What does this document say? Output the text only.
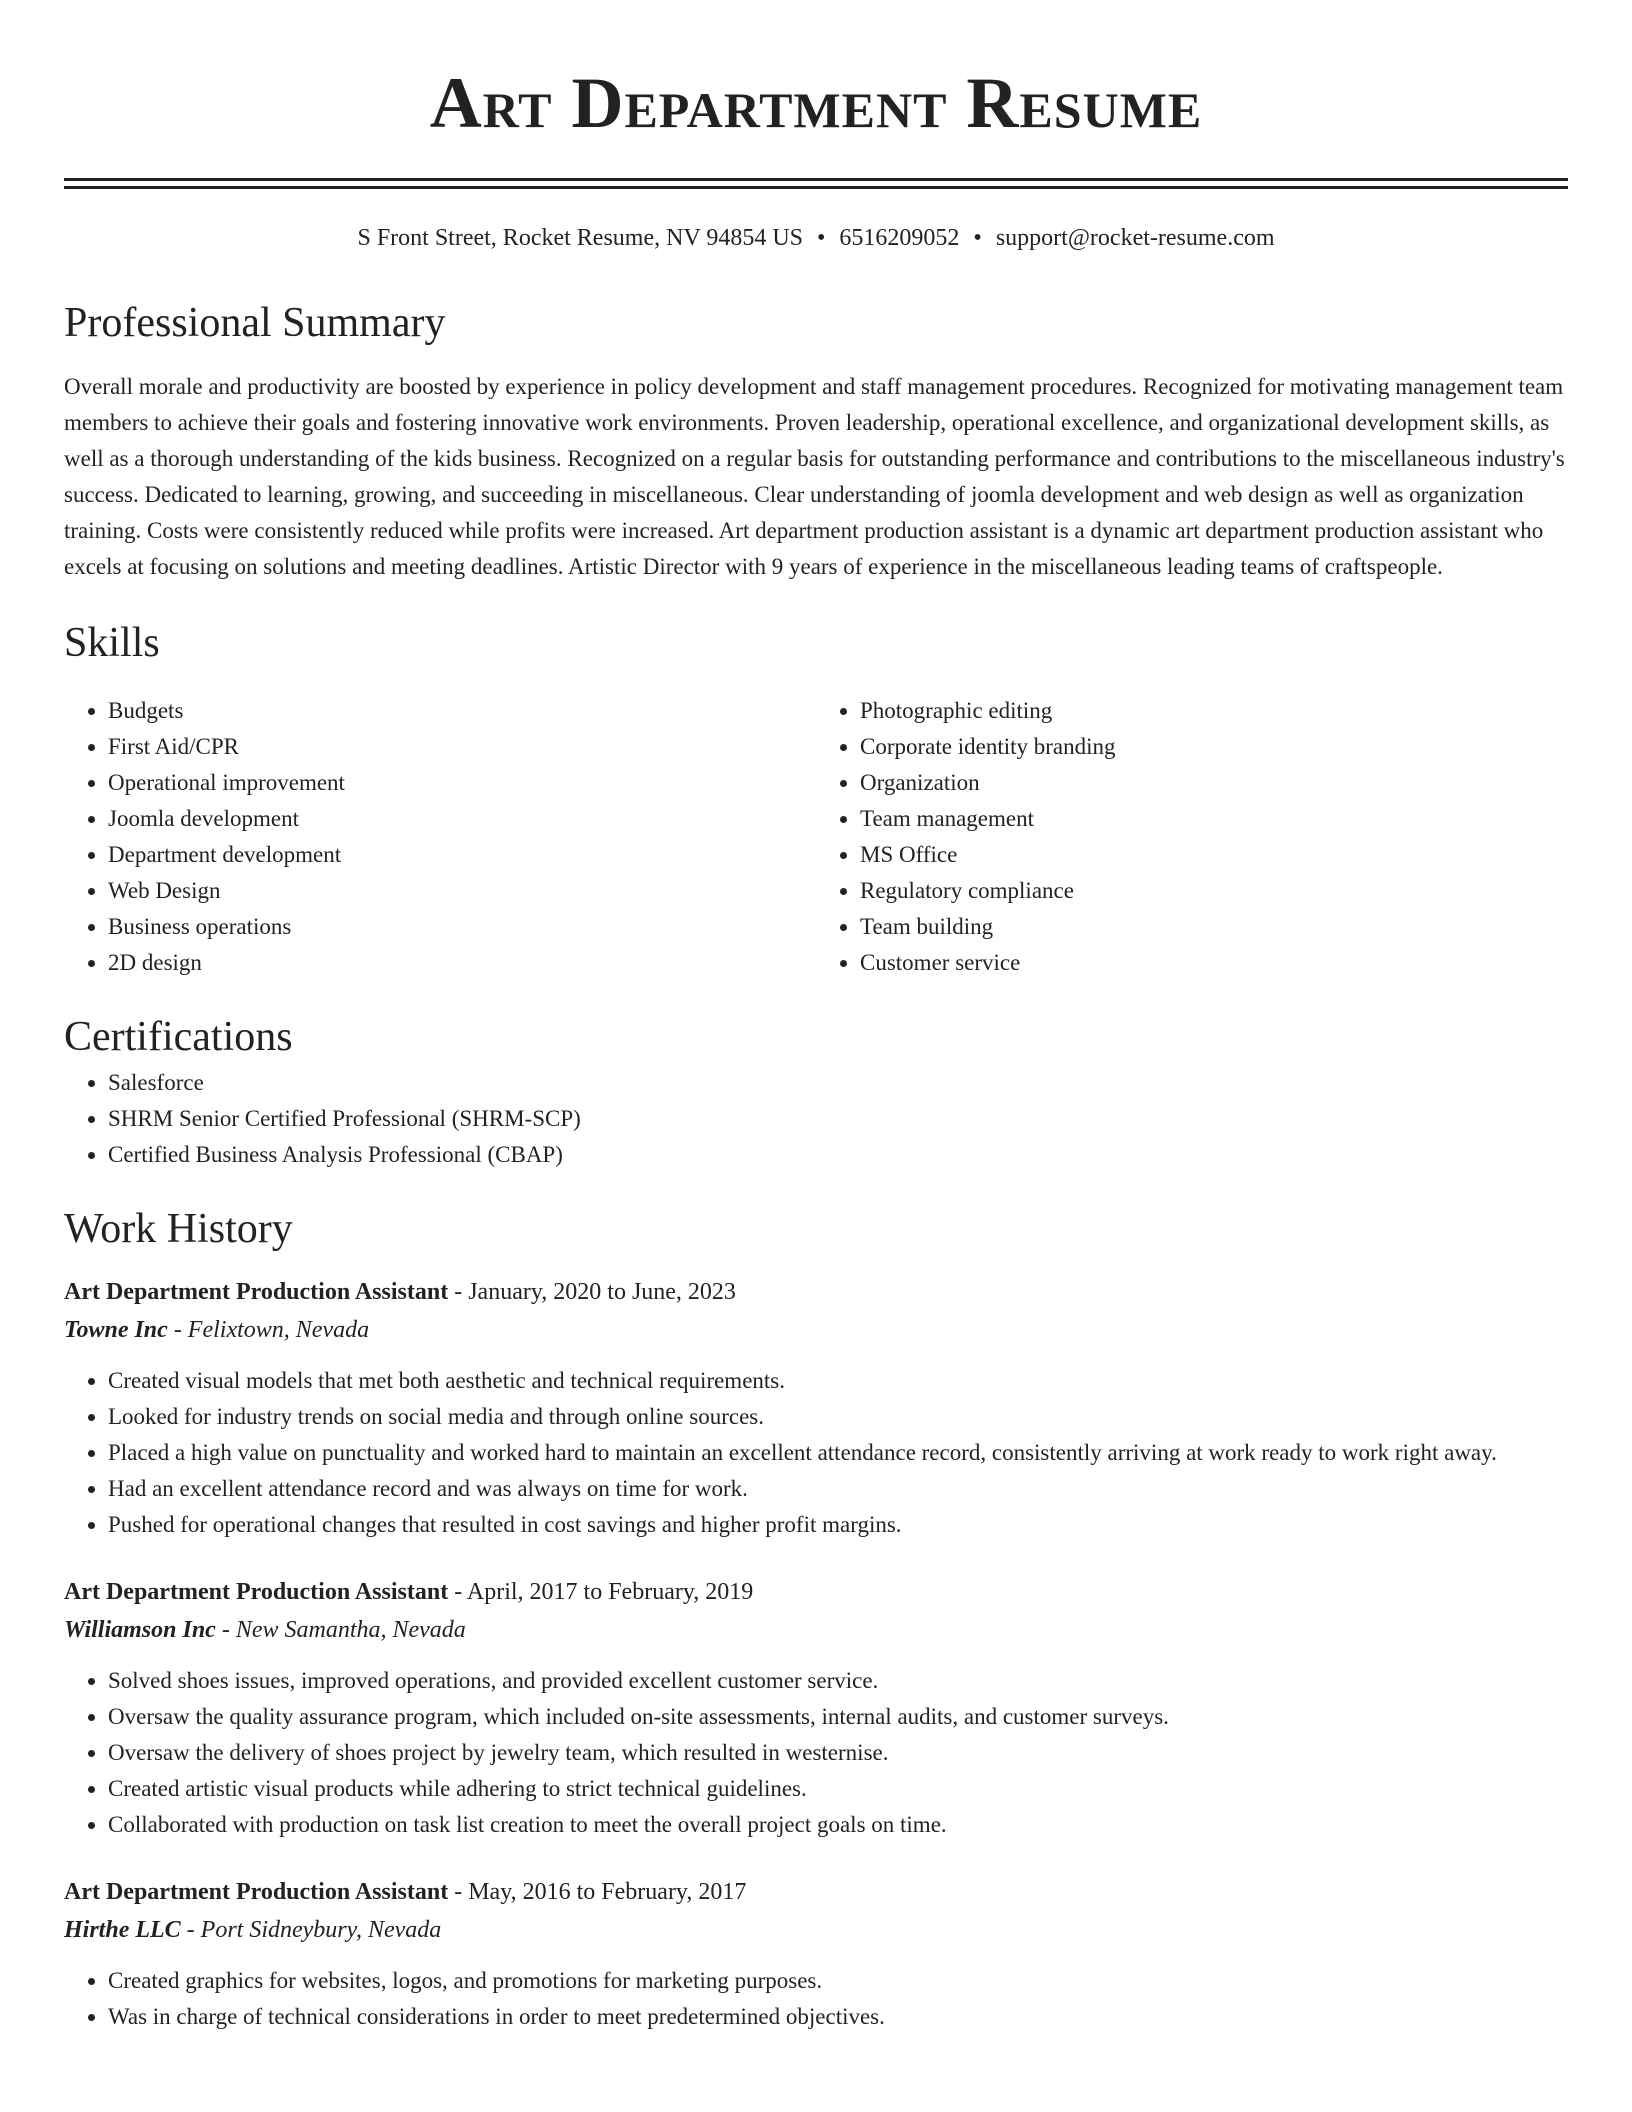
Art Department Resume
S Front Street, Rocket Resume, NV 94854 US • 6516209052 • support@rocket-resume.com
Professional Summary

Overall morale and productivity are boosted by experience in policy development and staff management procedures. Recognized for motivating management team members to achieve their goals and fostering innovative work environments. Proven leadership, operational excellence, and organizational development skills, as well as a thorough understanding of the kids business. Recognized on a regular basis for outstanding performance and contributions to the miscellaneous industry's success. Dedicated to learning, growing, and succeeding in miscellaneous. Clear understanding of joomla development and web design as well as organization training. Costs were consistently reduced while profits were increased. Art department production assistant is a dynamic art department production assistant who excels at focusing on solutions and meeting deadlines. Artistic Director with 9 years of experience in the miscellaneous leading teams of craftspeople.

Skills
• Budgets
• First Aid/CPR
• Operational improvement
• Joomla development
• Department development
• Web Design
• Business operations
• 2D design
• Photographic editing
• Corporate identity branding
• Organization
• Team management
• MS Office
• Regulatory compliance
• Team building
• Customer service
Certifications
• Salesforce
• SHRM Senior Certified Professional (SHRM-SCP)
• Certified Business Analysis Professional (CBAP)
Work History
Art Department Production Assistant - January, 2020 to June, 2023
Towne Inc - Felixtown, Nevada
• Created visual models that met both aesthetic and technical requirements.
• Looked for industry trends on social media and through online sources.
• Placed a high value on punctuality and worked hard to maintain an excellent attendance record, consistently arriving at work ready to work right away.
• Had an excellent attendance record and was always on time for work.
• Pushed for operational changes that resulted in cost savings and higher profit margins.
Art Department Production Assistant - April, 2017 to February, 2019
Williamson Inc - New Samantha, Nevada
• Solved shoes issues, improved operations, and provided excellent customer service.
• Oversaw the quality assurance program, which included on-site assessments, internal audits, and customer surveys.
• Oversaw the delivery of shoes project by jewelry team, which resulted in westernise.
• Created artistic visual products while adhering to strict technical guidelines.
• Collaborated with production on task list creation to meet the overall project goals on time.
Art Department Production Assistant - May, 2016 to February, 2017
Hirthe LLC - Port Sidneybury, Nevada
• Created graphics for websites, logos, and promotions for marketing purposes.
• Was in charge of technical considerations in order to meet predetermined objectives.
